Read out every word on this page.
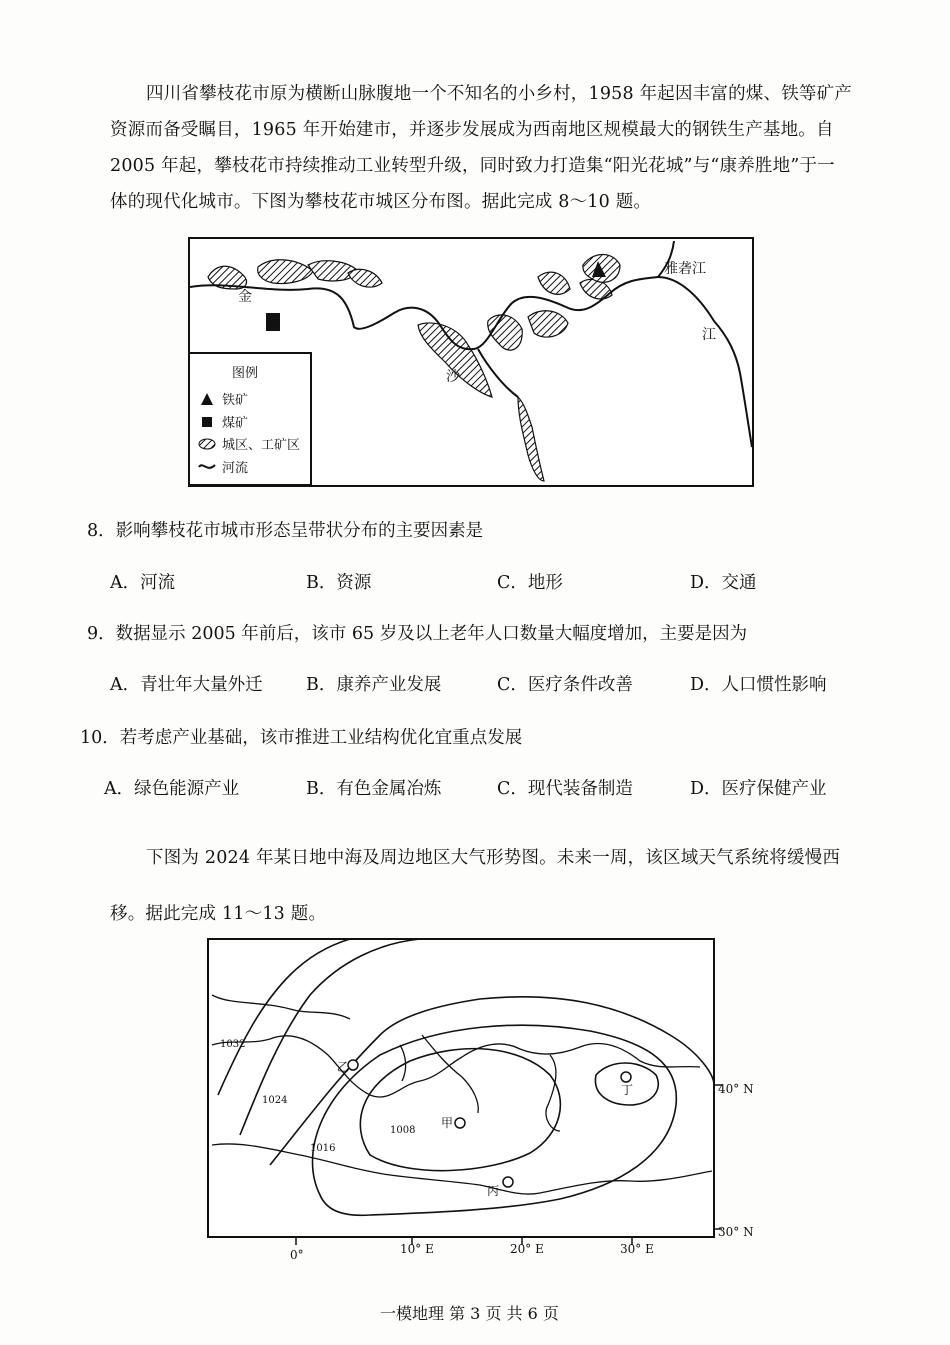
四川省攀枝花市原为横断山脉腹地一个不知名的小乡村，1958 年起因丰富的煤、铁等矿产
资源而备受瞩目，1965 年开始建市，并逐步发展成为西南地区规模最大的钢铁生产基地。自
2005 年起，攀枝花市持续推动工业转型升级，同时致力打造集“阳光花城”与“康养胜地”于一
体的现代化城市。下图为攀枝花市城区分布图。据此完成 8～10 题。
金
沙
江
雅砻江
图例
铁矿
煤矿
城区、工矿区
河流
8．影响攀枝花市城市形态呈带状分布的主要因素是
A．河流	B．资源	C．地形	D．交通
9．数据显示 2005 年前后，该市 65 岁及以上老年人口数量大幅度增加，主要是因为
A．青壮年大量外迁 B．康养产业发展	C．医疗条件改善	D．人口惯性影响
10．若考虑产业基础，该市推进工业结构优化宜重点发展
A．绿色能源产业	B．有色金属冶炼	C．现代装备制造	D．医疗保健产业
下图为 2024 年某日地中海及周边地区大气形势图。未来一周，该区域天气系统将缓慢西
移。据此完成 11～13 题。
1032
1024
1016
1008
甲
乙
丙
丁	40° N
30° N
0°	10° E	20° E	30° E
一模地理 第 3 页 共 6 页
